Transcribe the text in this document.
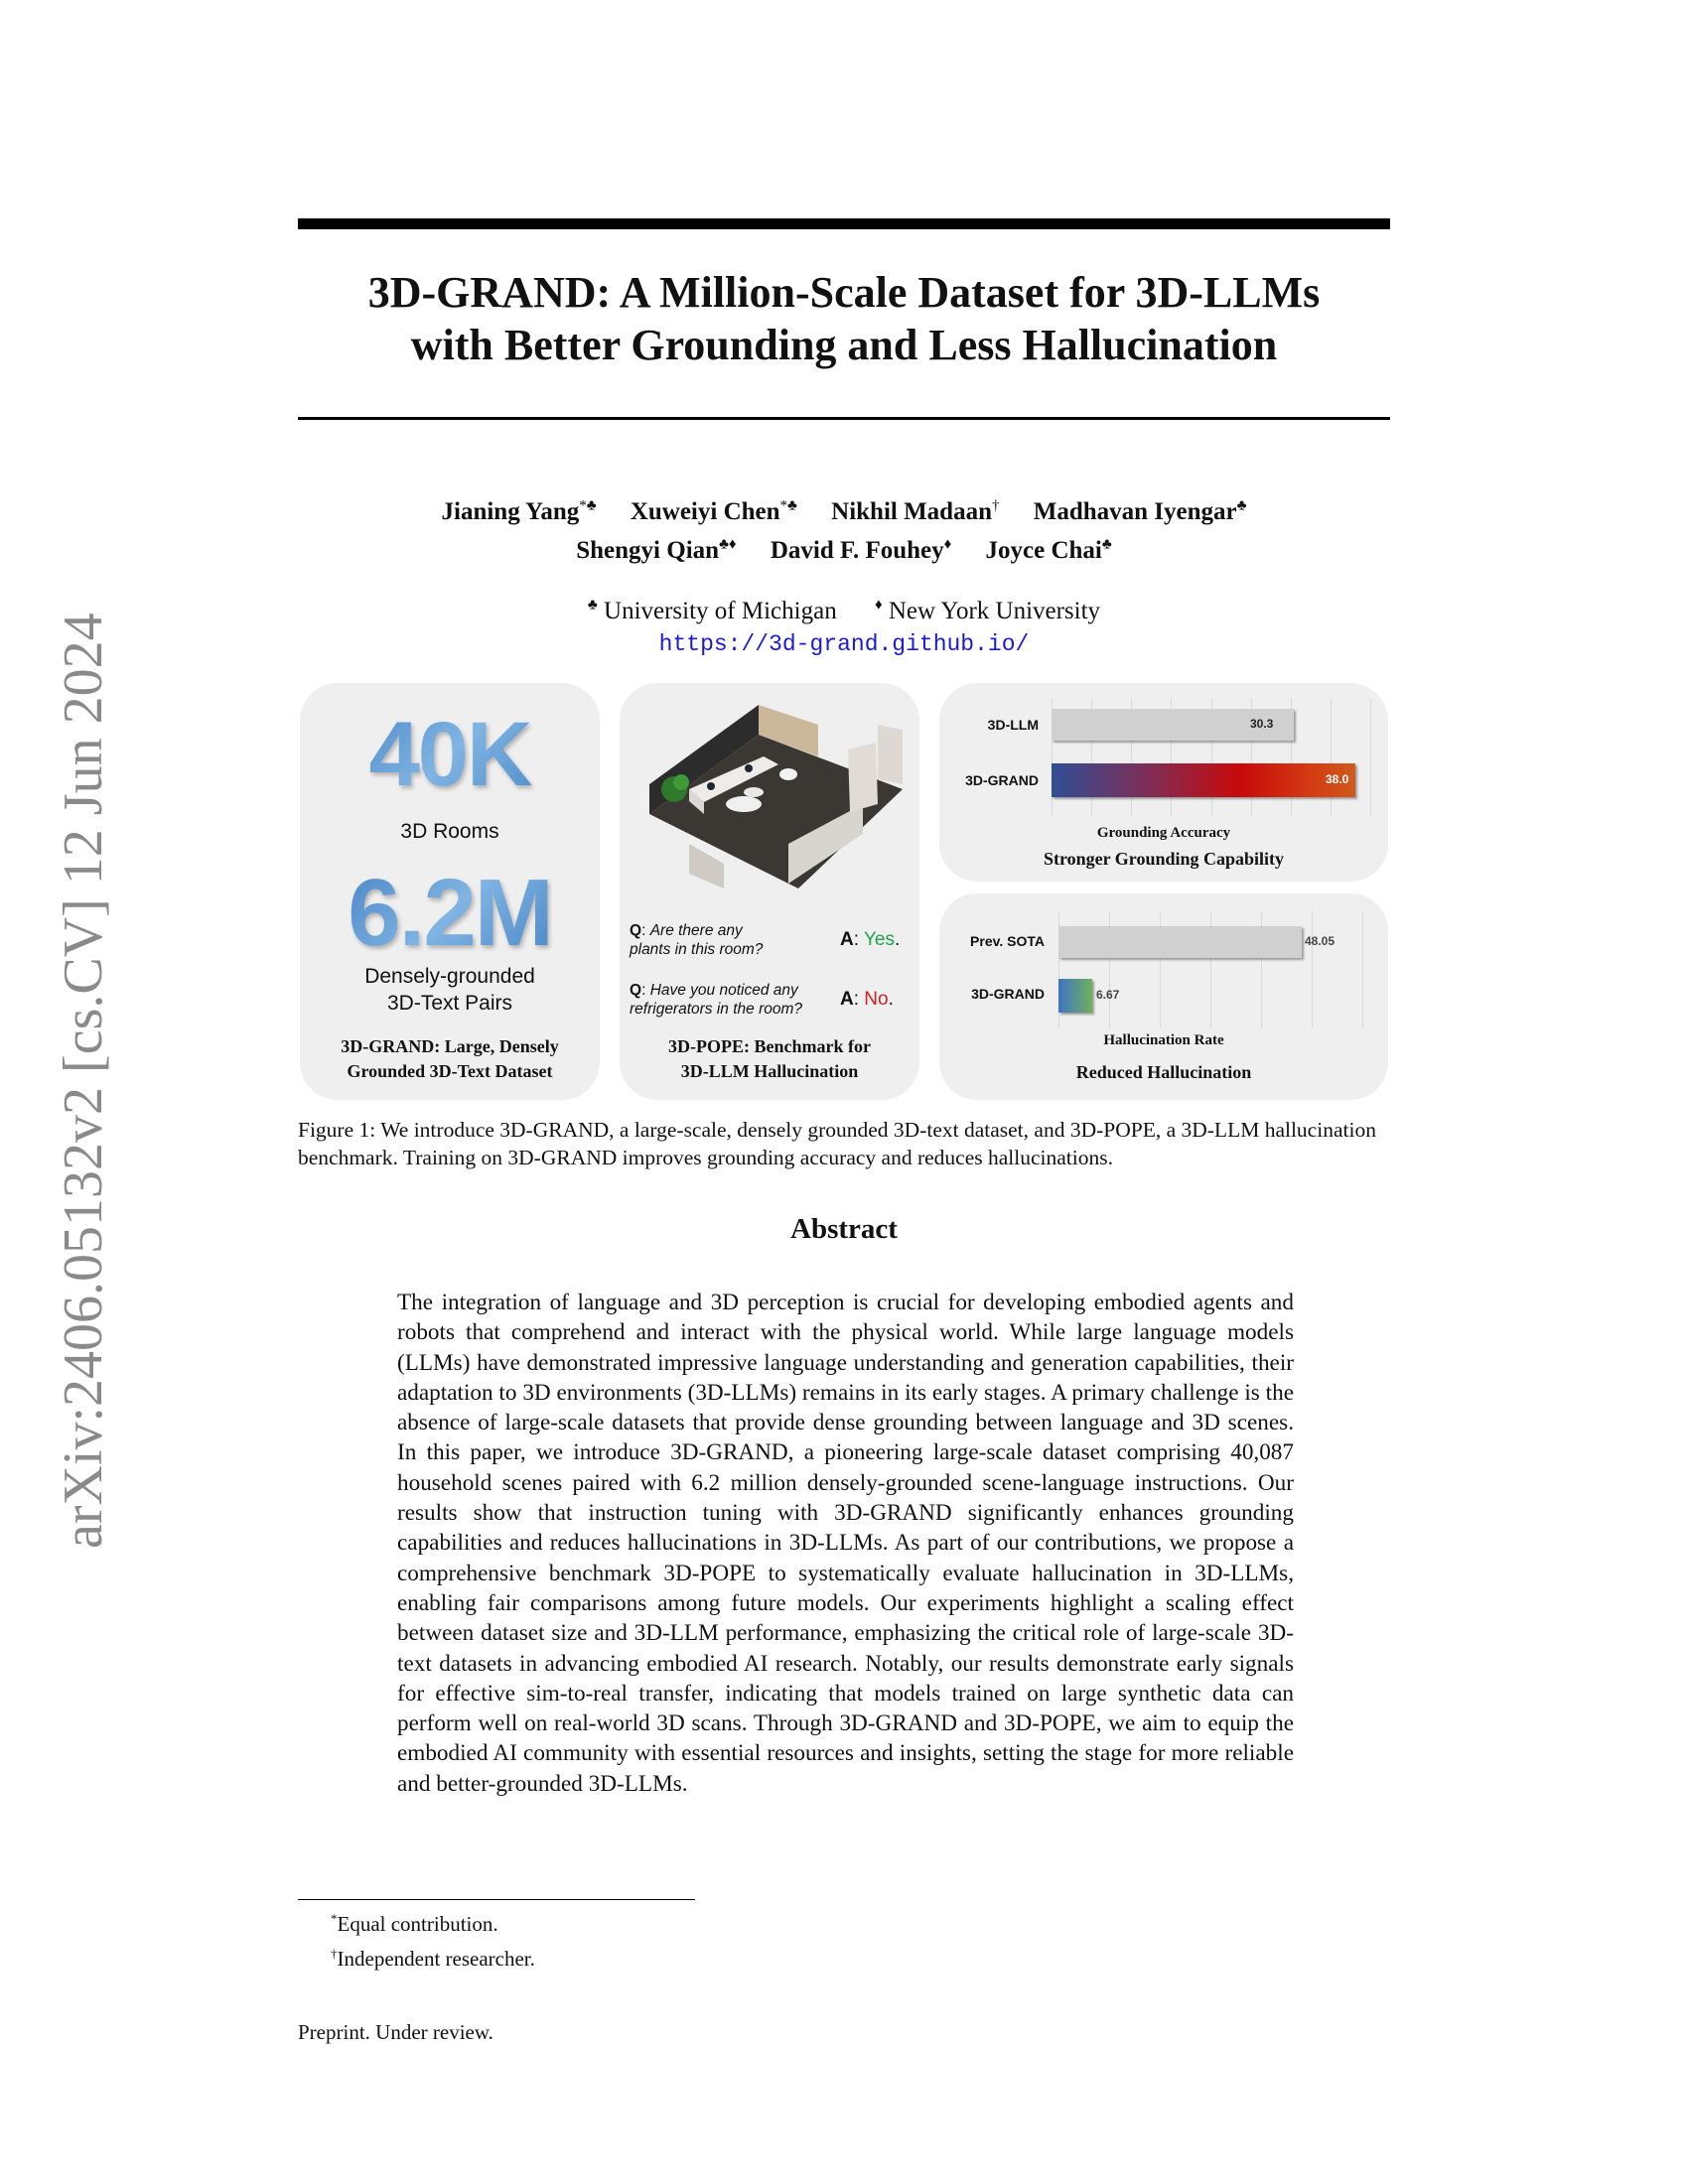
arXiv:2406.05132v2 [cs.CV] 12 Jun 2024
3D-GRAND: A Million-Scale Dataset for 3D-LLMs
with Better Grounding and Less Hallucination
Jianing Yang*♣ Xuweiyi Chen*♣ Nikhil Madaan† Madhavan Iyengar♣
Shengyi Qian♣♦ David F. Fouhey♦ Joyce Chai♣
♣ University of Michigan	♦ New York University
https://3d-grand.github.io/
40K
3D Rooms
6.2M
Densely-grounded
3D-Text Pairs
3D-GRAND: Large, Densely
Grounded 3D-Text Dataset
Q: Are there any
plants in this room?	A: Yes.
Q: Have you noticed any
refrigerators in the room?	A: No.
3D-POPE: Benchmark for
3D-LLM Hallucination
30.3
38.0
3D-LLM
3D-GRAND
Grounding Accuracy
Stronger Grounding Capability
48.05
6.67
Prev. SOTA
3D-GRAND
Hallucination Rate
Reduced Hallucination
Figure 1: We introduce 3D-GRAND, a large-scale, densely grounded 3D-text dataset, and 3D-POPE, a 3D-LLM hallucination benchmark. Training on 3D-GRAND improves grounding accuracy and reduces hallucinations.
Abstract
The integration of language and 3D perception is crucial for developing embodied agents and robots that comprehend and interact with the physical world. While large language models (LLMs) have demonstrated impressive language understanding and generation capabilities, their adaptation to 3D environments (3D-LLMs) remains in its early stages. A primary challenge is the absence of large-scale datasets that provide dense grounding between language and 3D scenes. In this paper, we introduce 3D-GRAND, a pioneering large-scale dataset comprising 40,087 household scenes paired with 6.2 million densely-grounded scene-language instructions. Our results show that instruction tuning with 3D-GRAND significantly enhances grounding capabilities and reduces hallucinations in 3D-LLMs. As part of our contributions, we propose a comprehensive benchmark 3D-POPE to systematically evaluate hallucination in 3D-LLMs, enabling fair comparisons among future models. Our experiments highlight a scaling effect between dataset size and 3D-LLM performance, emphasizing the critical role of large-scale 3D-text datasets in advancing embodied AI research. Notably, our results demonstrate early signals for effective sim-to-real transfer, indicating that models trained on large synthetic data can perform well on real-world 3D scans. Through 3D-GRAND and 3D-POPE, we aim to equip the embodied AI community with essential resources and insights, setting the stage for more reliable and better-grounded 3D-LLMs.
*Equal contribution.
†Independent researcher.
Preprint. Under review.
